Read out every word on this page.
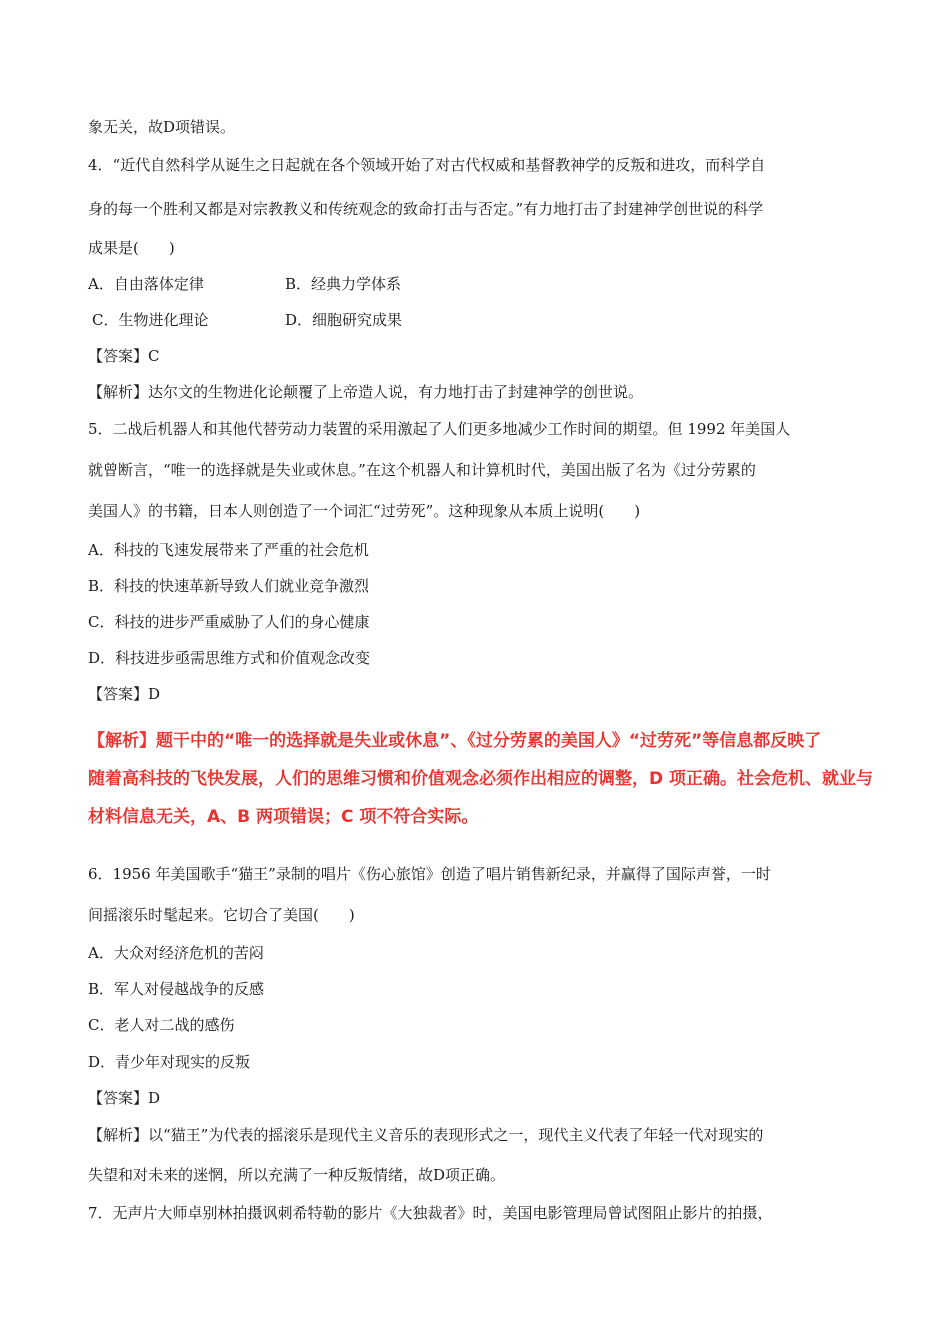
象无关，故D项错误。
4．“近代自然科学从诞生之日起就在各个领域开始了对古代权威和基督教神学的反叛和进攻，而科学自
身的每一个胜利又都是对宗教教义和传统观念的致命打击与否定。”有力地打击了封建神学创世说的科学
成果是(　　)
A．自由落体定律	B．经典力学体系
C．生物进化理论	D．细胞研究成果
【答案】C
【解析】达尔文的生物进化论颠覆了上帝造人说，有力地打击了封建神学的创世说。
5．二战后机器人和其他代替劳动力装置的采用激起了人们更多地减少工作时间的期望。但 1992 年美国人
就曾断言，“唯一的选择就是失业或休息。”在这个机器人和计算机时代，美国出版了名为《过分劳累的
美国人》的书籍，日本人则创造了一个词汇“过劳死”。这种现象从本质上说明(　　)
A．科技的飞速发展带来了严重的社会危机
B．科技的快速革新导致人们就业竞争激烈
C．科技的进步严重威胁了人们的身心健康
D．科技进步亟需思维方式和价值观念改变
【答案】D
【解析】题干中的“唯一的选择就是失业或休息”、《过分劳累的美国人》“过劳死”等信息都反映了
随着高科技的飞快发展，人们的思维习惯和价值观念必须作出相应的调整，D 项正确。社会危机、就业与
材料信息无关，A、B 两项错误；C 项不符合实际。
6．1956 年美国歌手“猫王”录制的唱片《伤心旅馆》创造了唱片销售新纪录，并赢得了国际声誉，一时
间摇滚乐时髦起来。它切合了美国(　　)
A．大众对经济危机的苦闷
B．军人对侵越战争的反感
C．老人对二战的感伤
D．青少年对现实的反叛
【答案】D
【解析】以“猫王”为代表的摇滚乐是现代主义音乐的表现形式之一，现代主义代表了年轻一代对现实的
失望和对未来的迷惘，所以充满了一种反叛情绪，故D项正确。
7．无声片大师卓别林拍摄讽刺希特勒的影片《大独裁者》时，美国电影管理局曾试图阻止影片的拍摄，
